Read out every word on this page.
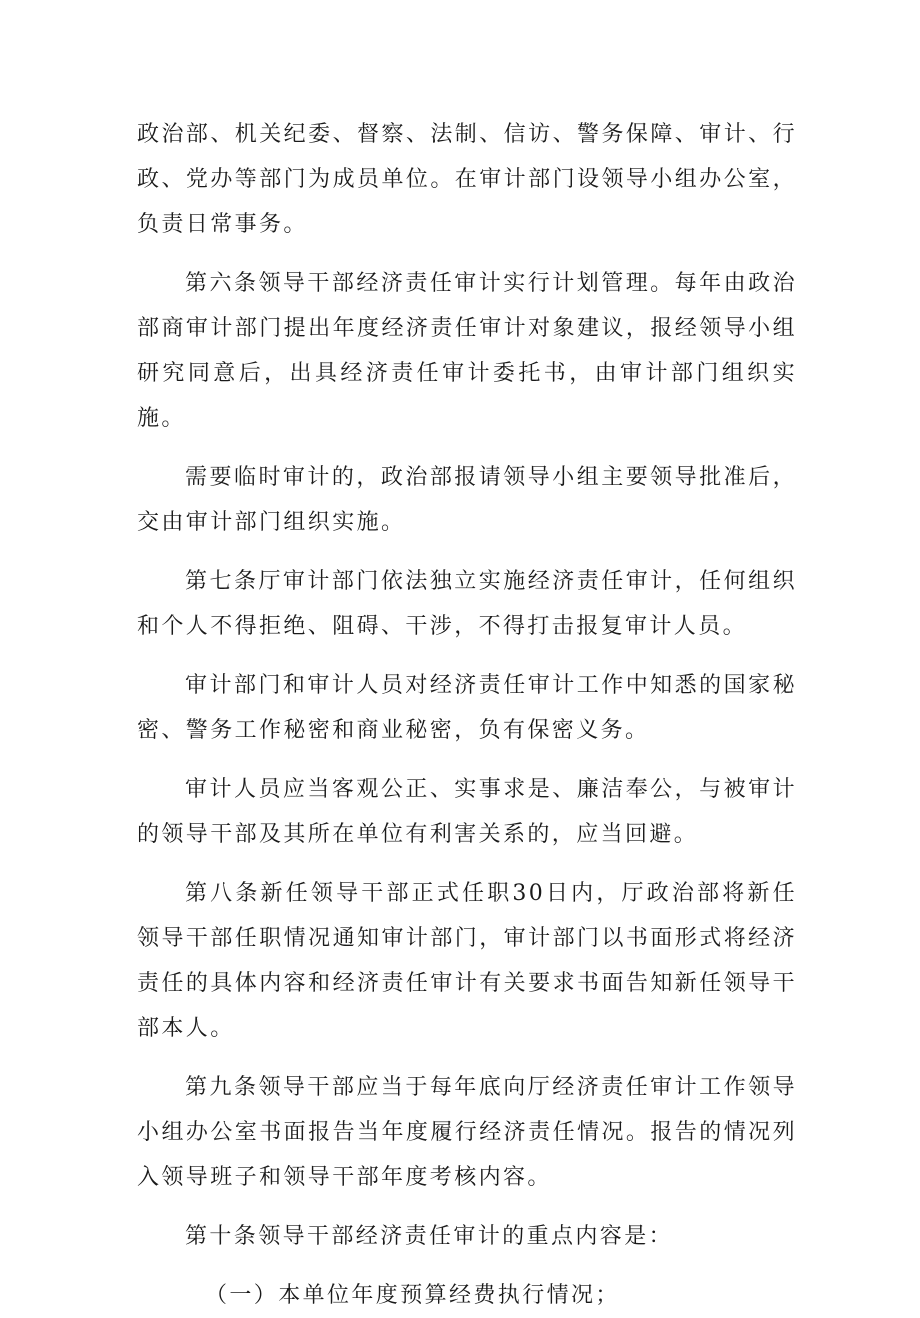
政治部、机关纪委、督察、法制、信访、警务保障、审计、行政、党办等部门为成员单位。在审计部门设领导小组办公室，负责日常事务。

第六条领导干部经济责任审计实行计划管理。每年由政治部商审计部门提出年度经济责任审计对象建议，报经领导小组研究同意后，出具经济责任审计委托书，由审计部门组织实施。

需要临时审计的，政治部报请领导小组主要领导批准后，交由审计部门组织实施。

第七条厅审计部门依法独立实施经济责任审计，任何组织和个人不得拒绝、阻碍、干涉，不得打击报复审计人员。

审计部门和审计人员对经济责任审计工作中知悉的国家秘密、警务工作秘密和商业秘密，负有保密义务。

审计人员应当客观公正、实事求是、廉洁奉公，与被审计的领导干部及其所在单位有利害关系的，应当回避。

第八条新任领导干部正式任职30日内，厅政治部将新任领导干部任职情况通知审计部门，审计部门以书面形式将经济责任的具体内容和经济责任审计有关要求书面告知新任领导干部本人。

第九条领导干部应当于每年底向厅经济责任审计工作领导小组办公室书面报告当年度履行经济责任情况。报告的情况列入领导班子和领导干部年度考核内容。

第十条领导干部经济责任审计的重点内容是：

（一）本单位年度预算经费执行情况；
